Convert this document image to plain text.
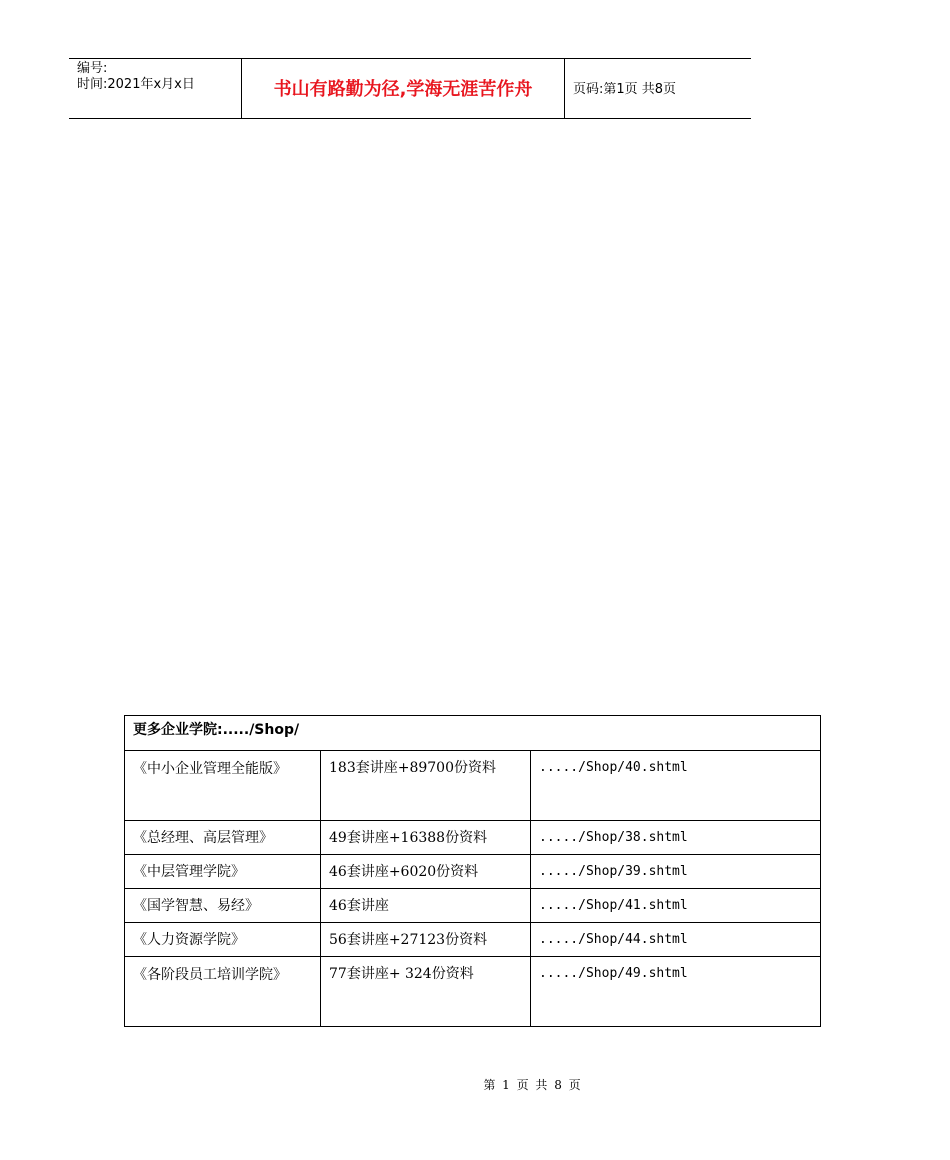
编号:
时间:2021年x月x日	书山有路勤为径,学海无涯苦作舟	页码:第1页 共8页
更多企业学院:...../Shop/		
《中小企业管理全能版》	183套讲座+89700份资料	...../Shop/40.shtml
《总经理、高层管理》	49套讲座+16388份资料	...../Shop/38.shtml
《中层管理学院》	46套讲座+6020份资料	...../Shop/39.shtml
《国学智慧、易经》	46套讲座	...../Shop/41.shtml
《人力资源学院》	56套讲座+27123份资料	...../Shop/44.shtml
《各阶段员工培训学院》	77套讲座+ 324份资料	...../Shop/49.shtml
第 1 页 共 8 页
